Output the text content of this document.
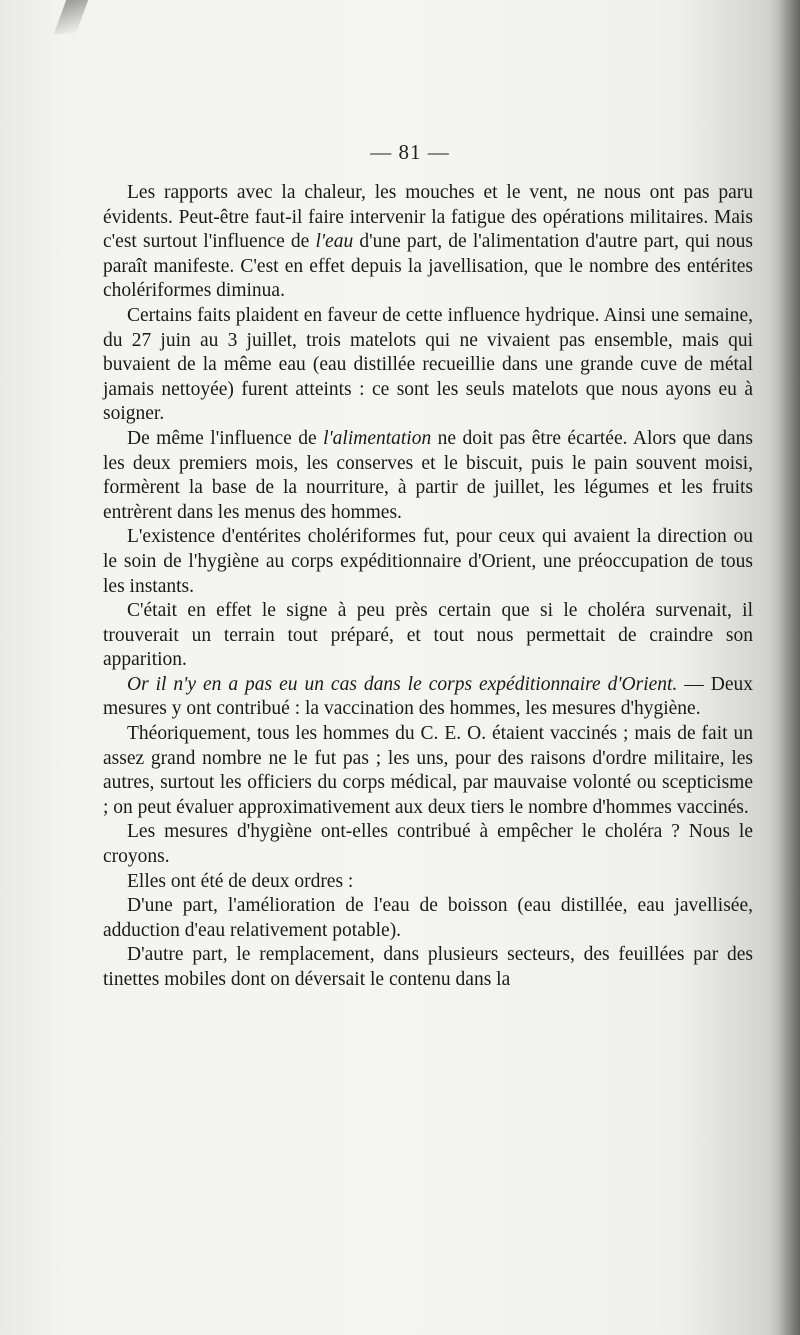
— 81 —

Les rapports avec la chaleur, les mouches et le vent, ne nous ont pas paru évidents. Peut-être faut-il faire intervenir la fatigue des opérations militaires. Mais c'est surtout l'influence de l'eau d'une part, de l'alimentation d'autre part, qui nous paraît manifeste. C'est en effet depuis la javellisation, que le nombre des entérites cholériformes diminua.

Certains faits plaident en faveur de cette influence hydrique. Ainsi une semaine, du 27 juin au 3 juillet, trois matelots qui ne vivaient pas ensemble, mais qui buvaient de la même eau (eau distillée recueillie dans une grande cuve de métal jamais nettoyée) furent atteints : ce sont les seuls matelots que nous ayons eu à soigner.

De même l'influence de l'alimentation ne doit pas être écartée. Alors que dans les deux premiers mois, les conserves et le biscuit, puis le pain souvent moisi, formèrent la base de la nourriture, à partir de juillet, les légumes et les fruits entrèrent dans les menus des hommes.

L'existence d'entérites cholériformes fut, pour ceux qui avaient la direction ou le soin de l'hygiène au corps expéditionnaire d'Orient, une préoccupation de tous les instants.

C'était en effet le signe à peu près certain que si le choléra survenait, il trouverait un terrain tout préparé, et tout nous permettait de craindre son apparition.

Or il n'y en a pas eu un cas dans le corps expéditionnaire d'Orient. — Deux mesures y ont contribué : la vaccination des hommes, les mesures d'hygiène.

Théoriquement, tous les hommes du C. E. O. étaient vaccinés ; mais de fait un assez grand nombre ne le fut pas ; les uns, pour des raisons d'ordre militaire, les autres, surtout les officiers du corps médical, par mauvaise volonté ou scepticisme ; on peut évaluer approximativement aux deux tiers le nombre d'hommes vaccinés.

Les mesures d'hygiène ont-elles contribué à empêcher le choléra ? Nous le croyons.

Elles ont été de deux ordres :

D'une part, l'amélioration de l'eau de boisson (eau distillée, eau javellisée, adduction d'eau relativement potable).

D'autre part, le remplacement, dans plusieurs secteurs, des feuillées par des tinettes mobiles dont on déversait le contenu dans la
